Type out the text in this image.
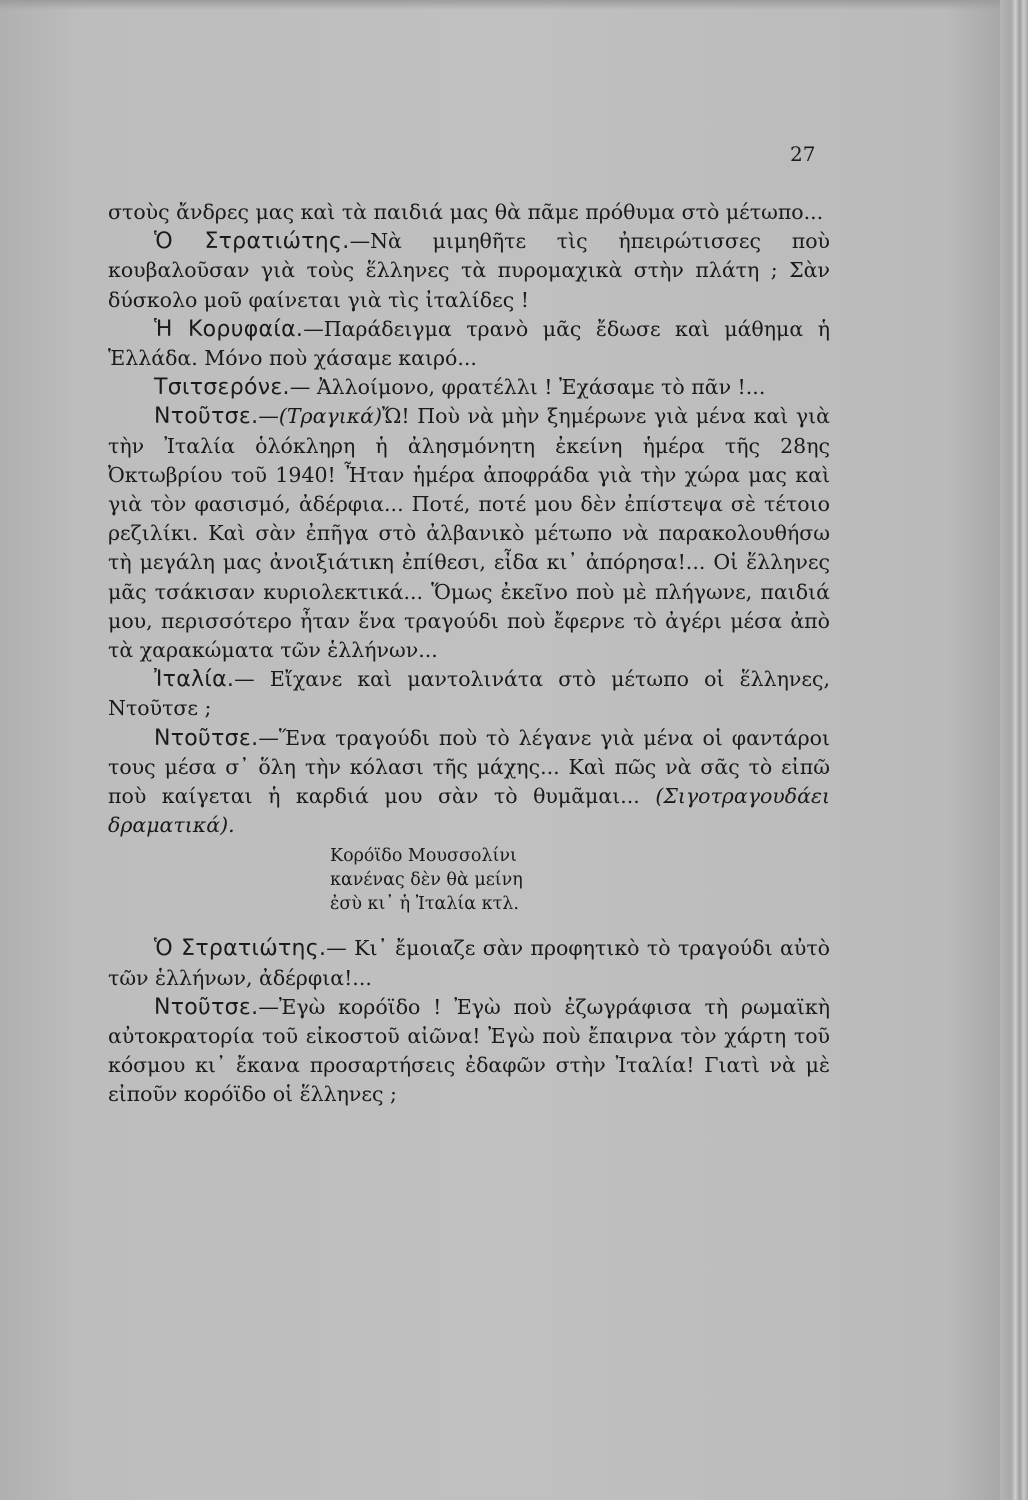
27

στοὺς ἄνδρες μας καὶ τὰ παιδιά μας θὰ πᾶμε πρόθυμα στὸ μέτωπο...

Ὁ Στρατιώτης.—Νὰ μιμηθῆτε τὶς ἠπειρώτισσες ποὺ κουβαλοῦσαν γιὰ τοὺς ἕλληνες τὰ πυρομαχικὰ στὴν πλάτη ; Σὰν δύσκολο μοῦ φαίνεται γιὰ τὶς ἰταλίδες !

Ἡ Κορυφαία.—Παράδειγμα τρανὸ μᾶς ἔδωσε καὶ μάθημα ἡ Ἑλλάδα. Μόνο ποὺ χάσαμε καιρό...

Τσιτσερόνε.— Ἀλλοίμονο, φρατέλλι ! Ἐχάσαμε τὸ πᾶν !...

Ντοῦτσε.—(Τραγικά)Ὤ! Ποὺ νὰ μὴν ξημέρωνε γιὰ μένα καὶ γιὰ τὴν Ἰταλία ὁλόκληρη ἡ ἀλησμόνητη ἐκείνη ἡμέρα τῆς 28ης Ὀκτωβρίου τοῦ 1940! Ἦταν ἡμέρα ἀποφράδα γιὰ τὴν χώρα μας καὶ γιὰ τὸν φασισμό, ἀδέρφια... Ποτέ, ποτέ μου δὲν ἐπίστεψα σὲ τέτοιο ρεζιλίκι. Καὶ σὰν ἐπῆγα στὸ ἀλβανικὸ μέτωπο νὰ παρακολουθήσω τὴ μεγάλη μας ἀνοιξιάτικη ἐπίθεσι, εἶδα κι᾽ ἀπόρησα!... Οἱ ἕλληνες μᾶς τσάκισαν κυριολεκτικά... Ὅμως ἐκεῖνο ποὺ μὲ πλήγωνε, παιδιά μου, περισσότερο ἦταν ἕνα τραγούδι ποὺ ἔφερνε τὸ ἀγέρι μέσα ἀπὸ τὰ χαρακώματα τῶν ἑλλήνων...

Ἰταλία.— Εἴχανε καὶ μαντολινάτα στὸ μέτωπο οἱ ἕλληνες, Ντοῦτσε ;

Ντοῦτσε.—Ἕνα τραγούδι ποὺ τὸ λέγανε γιὰ μένα οἱ φαντάροι τους μέσα σ᾽ ὅλη τὴν κόλασι τῆς μάχης... Καὶ πῶς νὰ σᾶς τὸ εἰπῶ ποὺ καίγεται ἡ καρδιά μου σὰν τὸ θυμᾶμαι... (Σιγοτραγουδάει δραματικά).

Κορόϊδο Μουσσολίνι
κανένας δὲν θὰ μείνη
ἐσὺ κι᾽ ἡ Ἰταλία κτλ.

Ὁ Στρατιώτης.— Κι᾽ ἔμοιαζε σὰν προφητικὸ τὸ τραγούδι αὐτὸ τῶν ἑλλήνων, ἀδέρφια!...

Ντοῦτσε.—Ἐγὼ κορόϊδο ! Ἐγὼ ποὺ ἐζωγράφισα τὴ ρωμαϊκὴ αὐτοκρατορία τοῦ εἰκοστοῦ αἰῶνα! Ἐγὼ ποὺ ἔπαιρνα τὸν χάρτη τοῦ κόσμου κι᾽ ἔκανα προσαρτήσεις ἐδαφῶν στὴν Ἰταλία! Γιατὶ νὰ μὲ εἰποῦν κορόϊδο οἱ ἕλληνες ;
